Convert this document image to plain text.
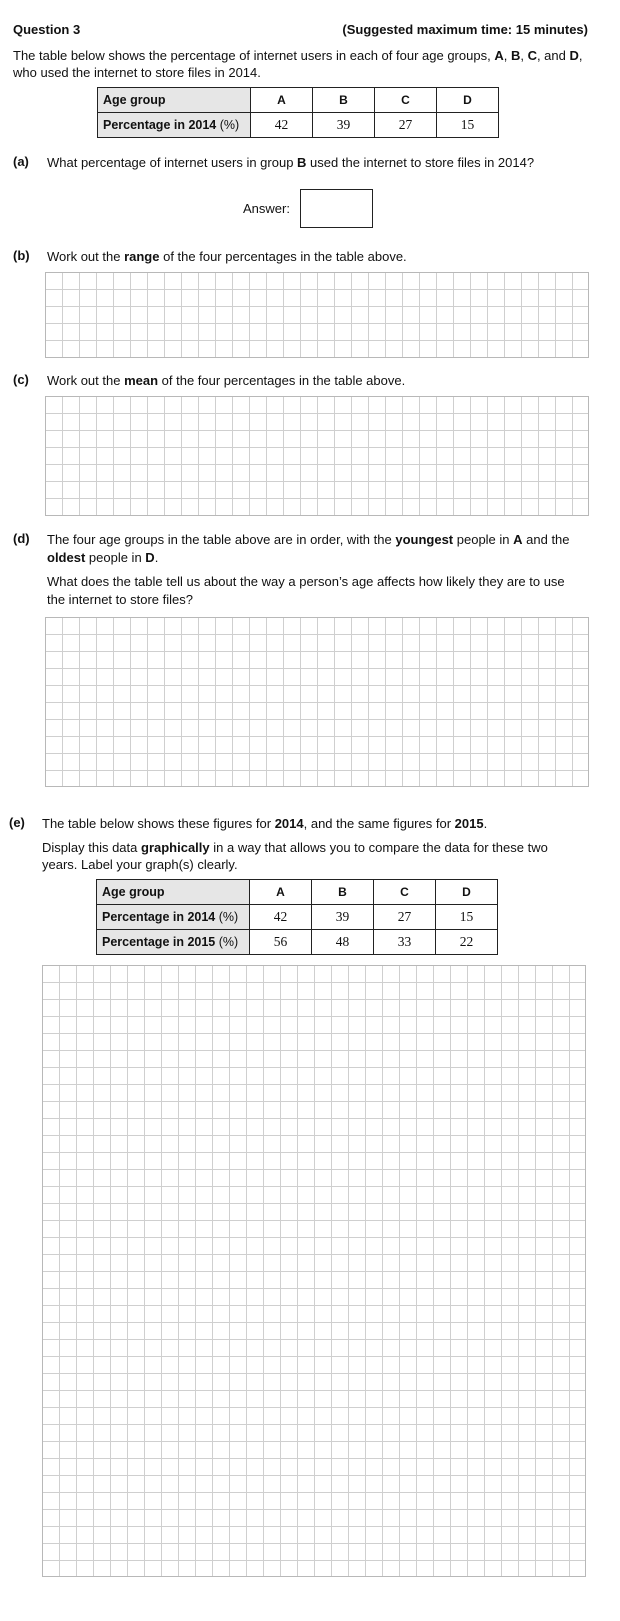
Question 3	(Suggested maximum time: 15 minutes)
The table below shows the percentage of internet users in each of four age groups, A, B, C, and D, who used the internet to store files in 2014.
Age group	A	B	C	D
Percentage in 2014 (%)	42	39	27	15
(a) What percentage of internet users in group B used the internet to store files in 2014?
Answer:
(b) Work out the range of the four percentages in the table above.
(c) Work out the mean of the four percentages in the table above.
(d) The four age groups in the table above are in order, with the youngest people in A and the
oldest people in D.
What does the table tell us about the way a person’s age affects how likely they are to use the internet to store files?
(e) The table below shows these figures for 2014, and the same figures for 2015.
Display this data graphically in a way that allows you to compare the data for these two years. Label your graph(s) clearly.
Age group	A	B	C	D
Percentage in 2014 (%)	42	39	27	15
Percentage in 2015 (%)	56	48	33	22
